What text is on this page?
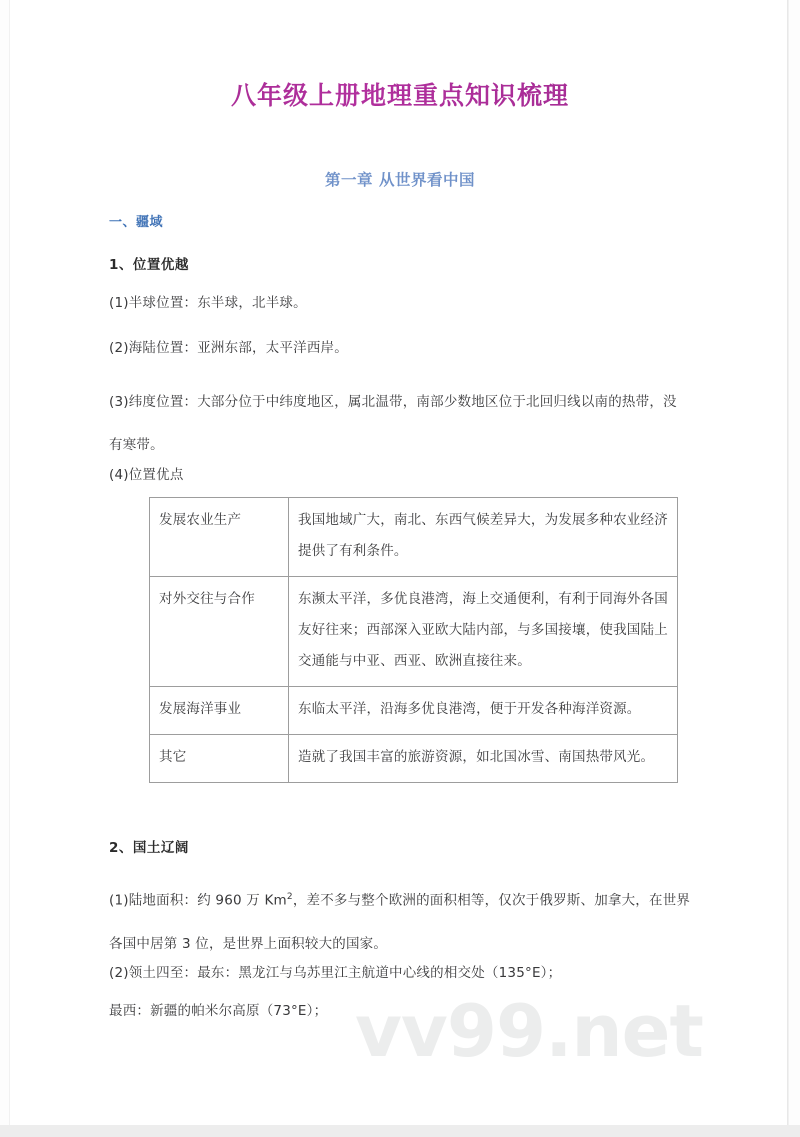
vv99.net
八年级上册地理重点知识梳理
第一章 从世界看中国
一、疆域
1、位置优越
(1)半球位置：东半球，北半球。
(2)海陆位置：亚洲东部，太平洋西岸。
(3)纬度位置：大部分位于中纬度地区，属北温带，南部少数地区位于北回归线以南的热带，没有寒带。
(4)位置优点
发展农业生产	我国地域广大，南北、东西气候差异大，为发展多种农业经济提供了有利条件。
对外交往与合作	东濒太平洋，多优良港湾，海上交通便利，有利于同海外各国友好往来；西部深入亚欧大陆内部，与多国接壤，使我国陆上交通能与中亚、西亚、欧洲直接往来。
发展海洋事业	东临太平洋，沿海多优良港湾，便于开发各种海洋资源。
其它	造就了我国丰富的旅游资源，如北国冰雪、南国热带风光。
2、国土辽阔
(1)陆地面积：约 960 万 Km$^2$，差不多与整个欧洲的面积相等，仅次于俄罗斯、加拿大，在世界各国中居第 3 位，是世界上面积较大的国家。
(2)领土四至：最东：黑龙江与乌苏里江主航道中心线的相交处（135°E）；
最西：新疆的帕米尔高原（73°E）；
